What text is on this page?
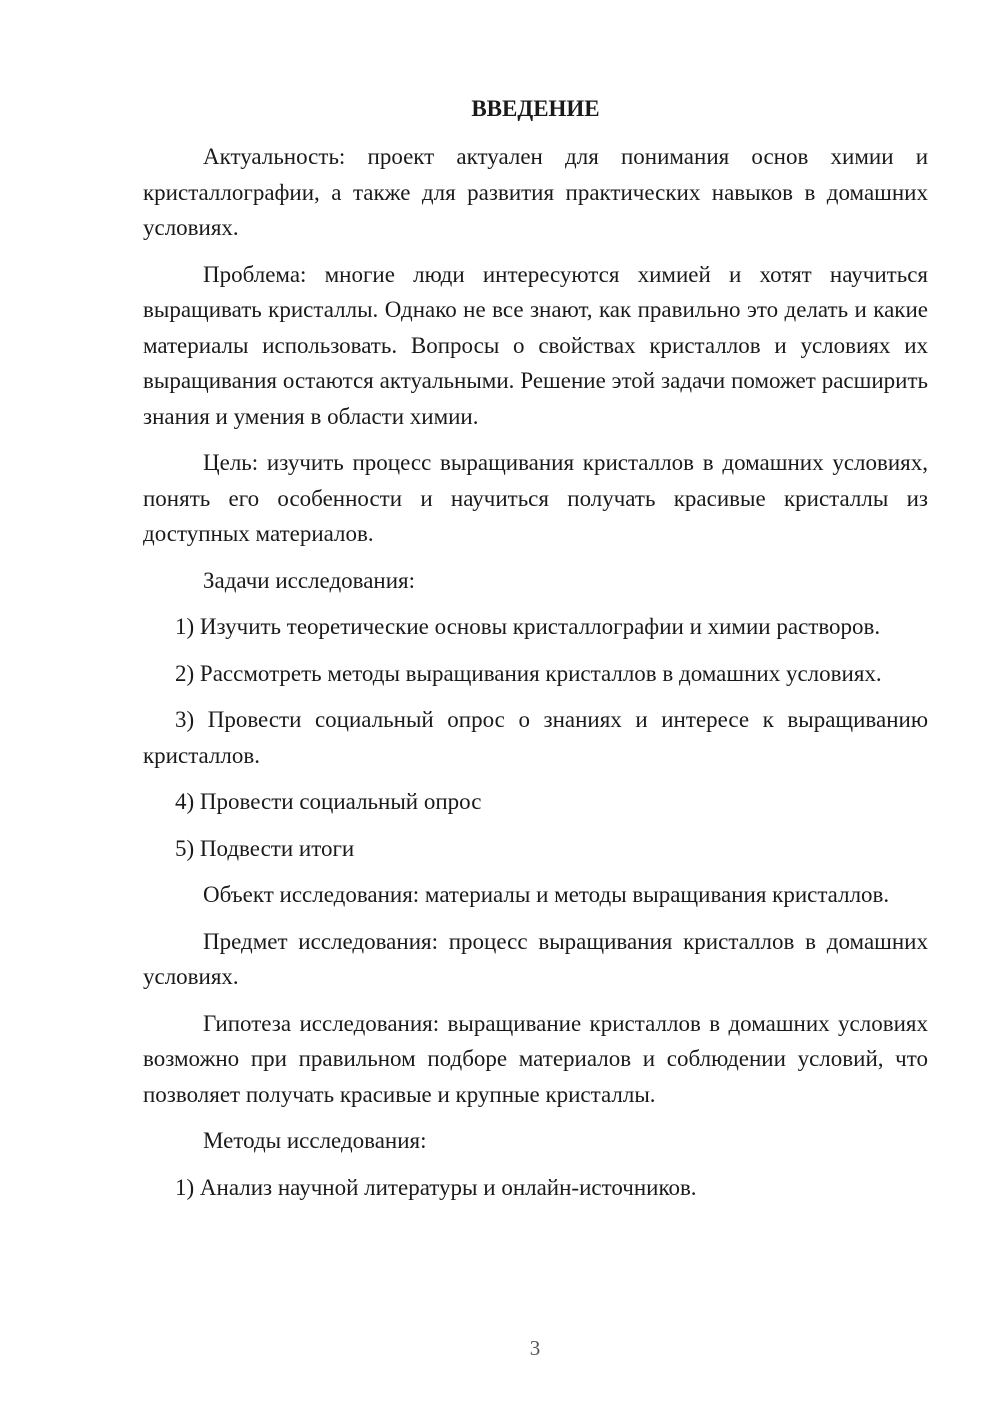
ВВЕДЕНИЕ

Актуальность: проект актуален для понимания основ химии и кристаллографии, а также для развития практических навыков в домашних условиях.

Проблема: многие люди интересуются химией и хотят научиться выращивать кристаллы. Однако не все знают, как правильно это делать и какие материалы использовать. Вопросы о свойствах кристаллов и условиях их выращивания остаются актуальными. Решение этой задачи поможет расширить знания и умения в области химии.

Цель: изучить процесс выращивания кристаллов в домашних условиях, понять его особенности и научиться получать красивые кристаллы из доступных материалов.

Задачи исследования:

1) Изучить теоретические основы кристаллографии и химии растворов.

2) Рассмотреть методы выращивания кристаллов в домашних условиях.

3) Провести социальный опрос о знаниях и интересе к выращиванию кристаллов.

4) Провести социальный опрос

5) Подвести итоги

Объект исследования: материалы и методы выращивания кристаллов.

Предмет исследования: процесс выращивания кристаллов в домашних условиях.

Гипотеза исследования: выращивание кристаллов в домашних условиях возможно при правильном подборе материалов и соблюдении условий, что позволяет получать красивые и крупные кристаллы.

Методы исследования:

1) Анализ научной литературы и онлайн-источников.

3
